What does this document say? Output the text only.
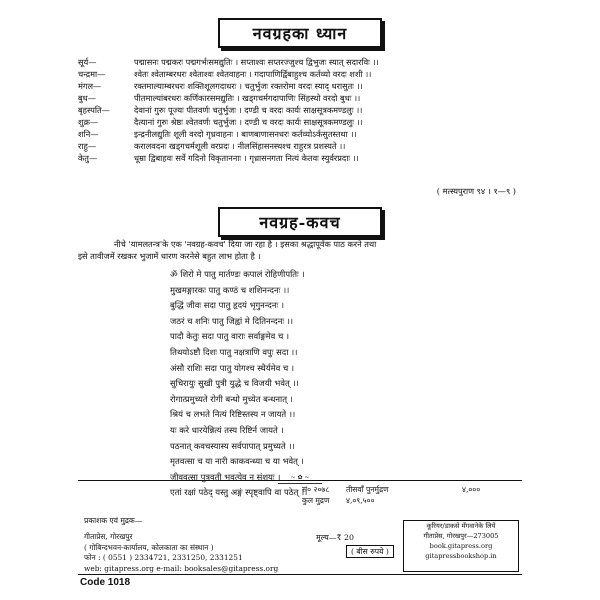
नवग्रहका ध्यान
सूर्य—	पद्मासनः पद्मकरः पद्मगर्भःसमद्युतिः । सप्ताश्वः सप्तरज्जुश्च द्विभुजः स्यात् सदारविः ।।
चन्द्रमा—	श्वेतः श्वेताम्बरधरः श्वेताश्वः श्वेतवाहनः । गदापाणिर्द्विबाहुश्च कर्तव्यो वरदः शशी ।।
मंगल—	रक्तमाल्याम्बरधरः शक्तिशूलगदाधरः । चतुर्भुजः रक्तरोमा वरदः स्याद् धरासुतः ।।
बुध—	पीतमाल्यांबरधरः कर्णिकारसमद्युतिः । खड्गचर्मगदापाणिः सिंहस्थो वरदो बुधः ।।
बृहस्पति—	देवानां गुरुः पूज्यः पीतवर्णः चतुर्भुजः । दण्डी च वरदः कार्यः साक्षसूत्रकमण्डलुः ।।
शुक्र—	दैत्यानां गुरुः श्रेष्ठः श्वेतवर्णः चतुर्भुजः । दण्डी च वरदः कार्यः साक्षसूत्रकमण्डलुः ।।
शनि—	इन्द्रनीलद्युतिः शूली वरदो गृध्रवाहनः । बाणबाणासनधरः कर्तव्योऽर्कसुतस्तथा ।।
राहु—	करालवदनः खड्गचर्मशूली वरप्रदः । नीलसिंहासनस्थश्च राहुरत्र प्रशस्यते ।।
केतु—	धूम्रा द्विबाहवः सर्वे गदिनो विकृताननाः । गृध्रासनगता नित्यं केतवः स्युर्वरप्रदाः ।।
( मत्स्यपुराण ९४ । १—९ )
नवग्रह-कवच
नीचे 'यामलतन्त्र'के एक 'नवग्रह-कवच' दिया जा रहा है । इसका श्रद्धापूर्वक पाठ करने तथा
इसे तावीजमें रखकर भुजामें धारण करनेसे बहुत लाभ होता है ।
ॐ शिरो मे पातु मार्तण्डः कपालं रोहिणीपतिः ।
मुखमङ्गारकः पातु कण्ठं च शशिनन्दनः ।।
बुद्धिं जीवः सदा पातु हृदयं भृगुनन्दनः ।
जठरं च शनिः पातु जिह्वां मे दितिनन्दनः ।।
पादौ केतुः सदा पातु वाराः सर्वाङ्गमेव च ।
तिथयोऽष्टौ दिशः पातु नक्षत्राणि वपुः सदा ।।
अंसौ राशिः सदा पातु योगश्च स्थैर्यमेव च ।
सुचिरायुः सुखी पुत्री युद्धे च विजयी भवेत् ।।
रोगात्प्रमुच्यते रोगी बन्धो मुच्येत बन्धनात् ।
श्रियं च लभते नित्यं रिष्टिस्तस्य न जायते ।।
यः करे धारयेन्नित्यं तस्य रिष्टिर्न जायते ।
पठनात् कवचस्यास्य सर्वपापात् प्रमुच्यते ।।
मृतवत्सा च या नारी काकवन्ध्या च या भवेत् ।
जीववत्सा पुत्रवती भवत्येव न संशयः ।
एतां रक्षां पठेद् यस्तु अङ्गं स्पृष्ट्वापि वा पठेत् ।।
~ ✿ ~
सं० २०७८ तीसवाँ पुनर्मुद्रण	४,०००
कुल मुद्रण ४,०९,५००
प्रकाशक एवं मुद्रक—
गीताप्रेस, गोरखपुर
( गोबिन्दभवन-कार्यालय, कोलकाता का संस्थान )
फोन : ( 0551 ) 2334721, 2331250, 2331251
web: gitapress.org e-mail: booksales@gitapress.org
मूल्य—₹ 20
( बीस रुपये )
कूरियर/डाकसे मँगवानेके लिये
गीताप्रेस, गोरखपुर—273005
book.gitapress.org
gitapressbookshop.in
Code 1018
